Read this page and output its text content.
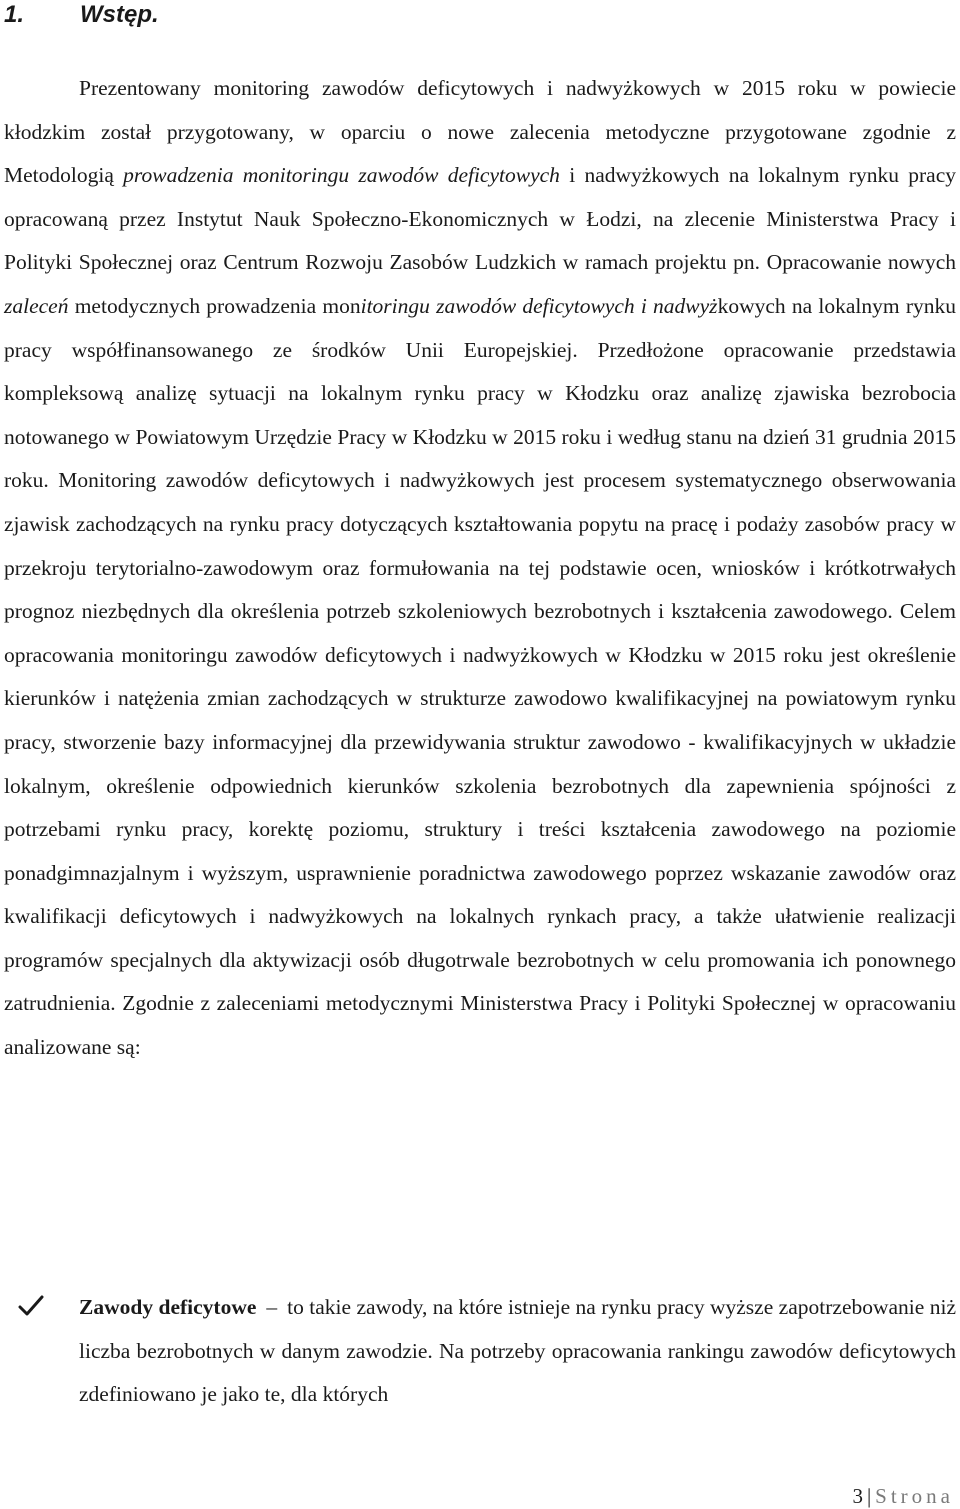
1. Wstęp.

Prezentowany monitoring zawodów deficytowych i nadwyżkowych w 2015 roku w powiecie kłodzkim został przygotowany, w oparciu o nowe zalecenia metodyczne przygotowane zgodnie z Metodologią prowadzenia monitoringu zawodów deficytowych i nadwyżkowych na lokalnym rynku pracy opracowaną przez Instytut Nauk Społeczno-Ekonomicznych w Łodzi, na zlecenie Ministerstwa Pracy i Polityki Społecznej oraz Centrum Rozwoju Zasobów Ludzkich w ramach projektu pn. Opracowanie nowych zaleceń metodycznych prowadzenia monitoringu zawodów deficytowych i nadwyżkowych na lokalnym rynku pracy współfinansowanego ze środków Unii Europejskiej. Przedłożone opracowanie przedstawia kompleksową analizę sytuacji na lokalnym rynku pracy w Kłodzku oraz analizę zjawiska bezrobocia notowanego w Powiatowym Urzędzie Pracy w Kłodzku w 2015 roku i według stanu na dzień 31 grudnia 2015 roku. Monitoring zawodów deficytowych i nadwyżkowych jest procesem systematycznego obserwowania zjawisk zachodzących na rynku pracy dotyczących kształtowania popytu na pracę i podaży zasobów pracy w przekroju terytorialno-zawodowym oraz formułowania na tej podstawie ocen, wniosków i krótkotrwałych prognoz niezbędnych dla określenia potrzeb szkoleniowych bezrobotnych i kształcenia zawodowego. Celem opracowania monitoringu zawodów deficytowych i nadwyżkowych w Kłodzku w 2015 roku jest określenie kierunków i natężenia zmian zachodzących w strukturze zawodowo kwalifikacyjnej na powiatowym rynku pracy, stworzenie bazy informacyjnej dla przewidywania struktur zawodowo - kwalifikacyjnych w układzie lokalnym, określenie odpowiednich kierunków szkolenia bezrobotnych dla zapewnienia spójności z potrzebami rynku pracy, korektę poziomu, struktury i treści kształcenia zawodowego na poziomie ponadgimnazjalnym i wyższym, usprawnienie poradnictwa zawodowego poprzez wskazanie zawodów oraz kwalifikacji deficytowych i nadwyżkowych na lokalnych rynkach pracy, a także ułatwienie realizacji programów specjalnych dla aktywizacji osób długotrwale bezrobotnych w celu promowania ich ponownego zatrudnienia. Zgodnie z zaleceniami metodycznymi Ministerstwa Pracy i Polityki Społecznej w opracowaniu analizowane są:

Zawody deficytowe – to takie zawody, na które istnieje na rynku pracy wyższe zapotrzebowanie niż liczba bezrobotnych w danym zawodzie. Na potrzeby opracowania rankingu zawodów deficytowych zdefiniowano je jako te, dla których
3 | Strona
